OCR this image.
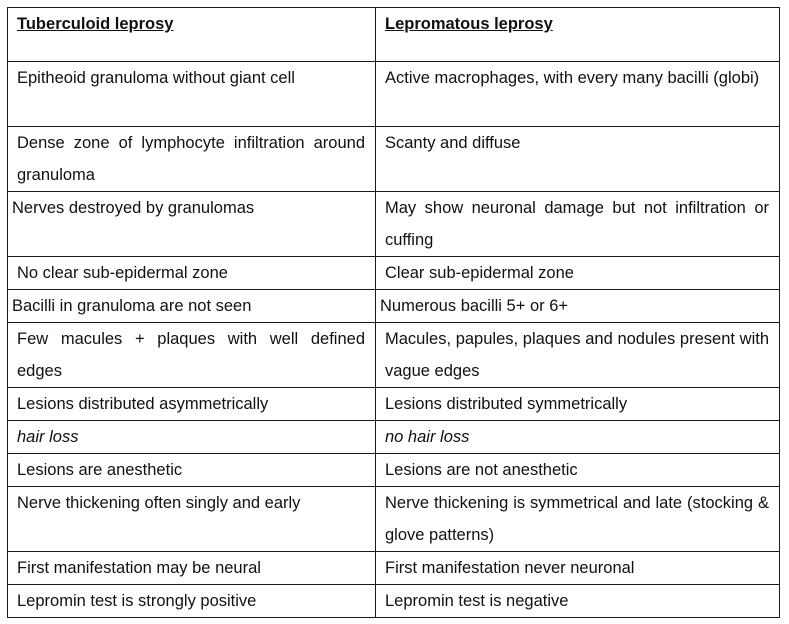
Tuberculoid leprosy	Lepromatous leprosy
Epitheoid granuloma without giant cell	Active macrophages, with every many bacilli (globi)
Dense zone of lymphocyte infiltration around granuloma	Scanty and diffuse
Nerves destroyed by granulomas	May show neuronal damage but not infiltration or cuffing
No clear sub-epidermal zone	Clear sub-epidermal zone
Bacilli in granuloma are not seen	Numerous bacilli 5+ or 6+
Few macules + plaques with well defined edges	Macules, papules, plaques and nodules present with vague edges
Lesions distributed asymmetrically	Lesions distributed symmetrically
hair loss	no hair loss
Lesions are anesthetic	Lesions are not anesthetic
Nerve thickening often singly and early	Nerve thickening is symmetrical and late (stocking & glove patterns)
First manifestation may be neural	First manifestation never neuronal
Lepromin test is strongly positive	Lepromin test is negative
